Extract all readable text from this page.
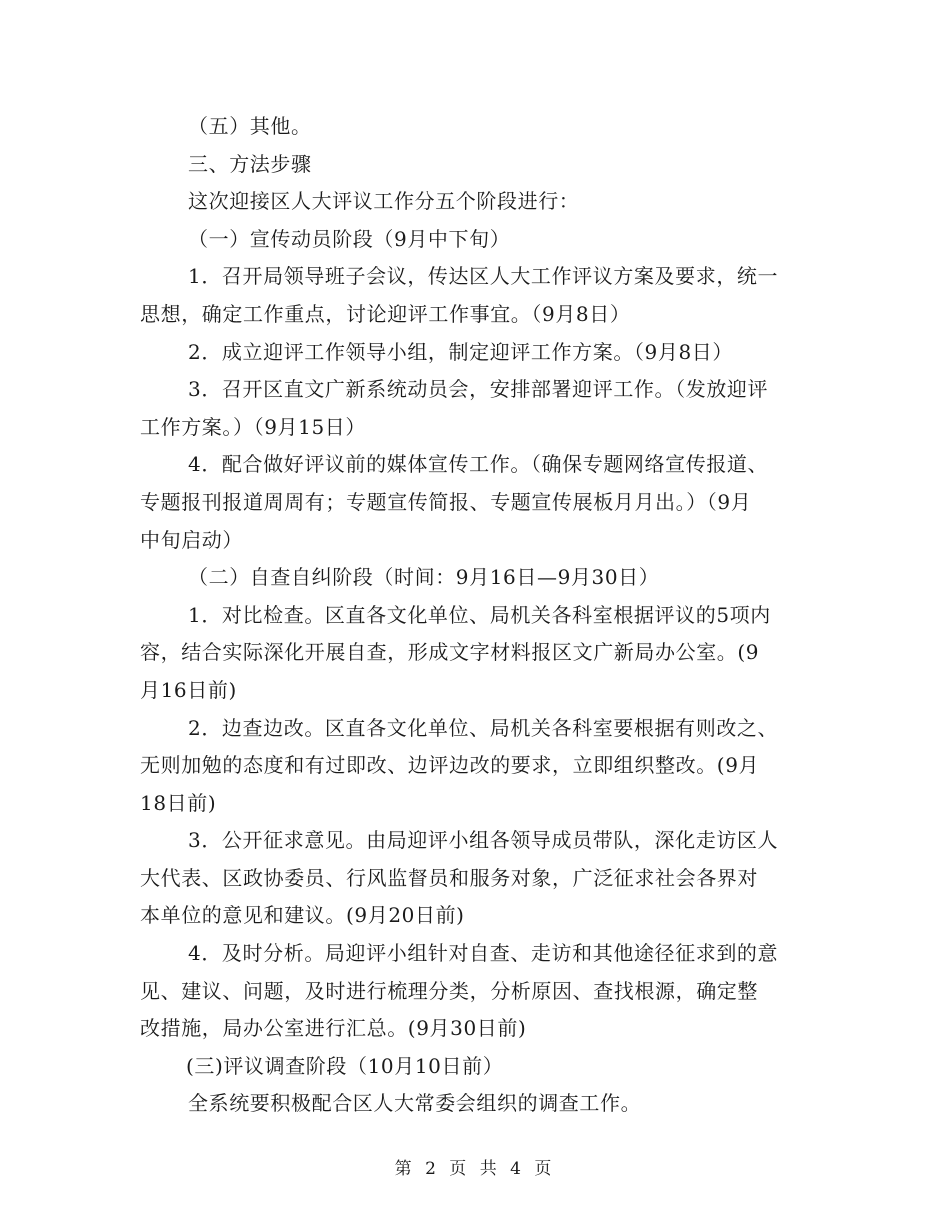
（五）其他。
三、方法步骤
这次迎接区人大评议工作分五个阶段进行：
（一）宣传动员阶段（9月中下旬）
1．召开局领导班子会议，传达区人大工作评议方案及要求，统一
思想，确定工作重点，讨论迎评工作事宜。（9月8日）
2．成立迎评工作领导小组，制定迎评工作方案。（9月8日）
3．召开区直文广新系统动员会，安排部署迎评工作。（发放迎评
工作方案。）（9月15日）
4．配合做好评议前的媒体宣传工作。（确保专题网络宣传报道、
专题报刊报道周周有；专题宣传简报、专题宣传展板月月出。）（9月
中旬启动）
（二）自查自纠阶段（时间：9月16日—9月30日）
1．对比检查。区直各文化单位、局机关各科室根据评议的5项内
容，结合实际深化开展自查，形成文字材料报区文广新局办公室。(9
月16日前)
2．边查边改。区直各文化单位、局机关各科室要根据有则改之、
无则加勉的态度和有过即改、边评边改的要求，立即组织整改。(9月
18日前)
3．公开征求意见。由局迎评小组各领导成员带队，深化走访区人
大代表、区政协委员、行风监督员和服务对象，广泛征求社会各界对
本单位的意见和建议。(9月20日前)
4．及时分析。局迎评小组针对自查、走访和其他途径征求到的意
见、建议、问题，及时进行梳理分类，分析原因、查找根源，确定整
改措施，局办公室进行汇总。(9月30日前)
(三)评议调查阶段（10月10日前）
全系统要积极配合区人大常委会组织的调查工作。
第 2 页 共 4 页
